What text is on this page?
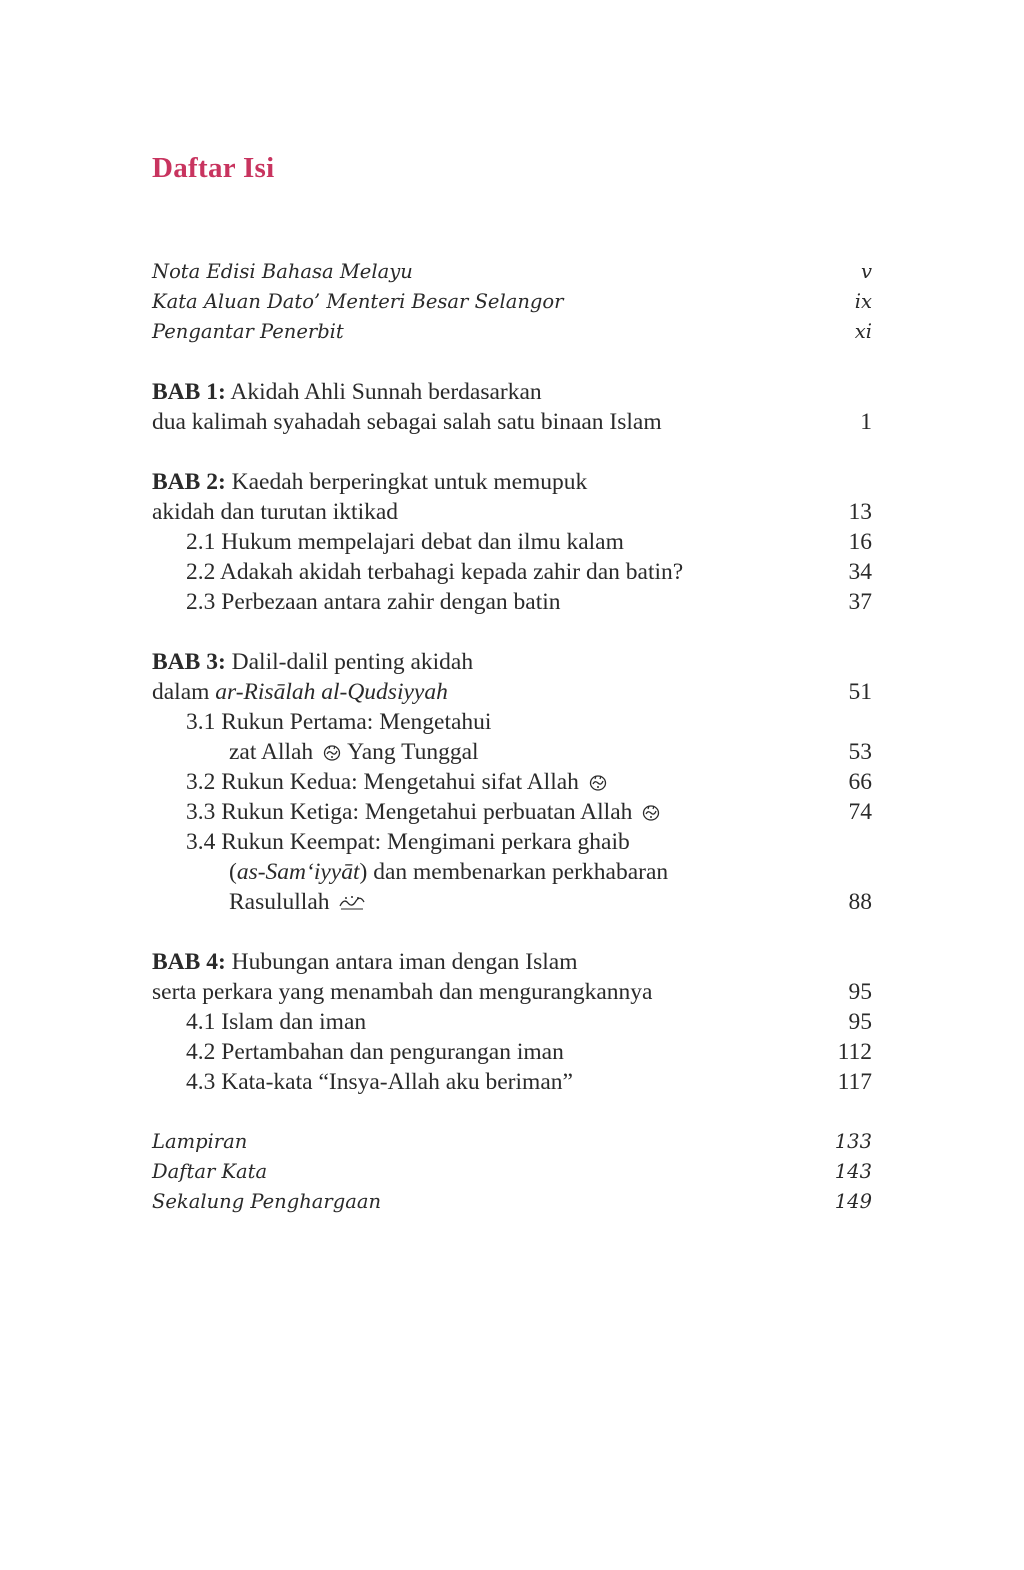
Daftar Isi
Nota Edisi Bahasa Melayu	v
Kata Aluan Dato’ Menteri Besar Selangor	ix
Pengantar Penerbit	xi
BAB 1: Akidah Ahli Sunnah berdasarkan
dua kalimah syahadah sebagai salah satu binaan Islam	1
BAB 2: Kaedah berperingkat untuk memupuk
akidah dan turutan iktikad	13
2.1 Hukum mempelajari debat dan ilmu kalam	16
2.2 Adakah akidah terbahagi kepada zahir dan batin?	34
2.3 Perbezaan antara zahir dengan batin	37
BAB 3: Dalil-dalil penting akidah
dalam ar-Risālah al-Qudsiyyah	51
3.1 Rukun Pertama: Mengetahui
zat Allah Yang Tunggal	53
3.2 Rukun Kedua: Mengetahui sifat Allah	66
3.3 Rukun Ketiga: Mengetahui perbuatan Allah	74
3.4 Rukun Keempat: Mengimani perkara ghaib
(as-Sam‘iyyāt) dan membenarkan perkhabaran
Rasulullah	88
BAB 4: Hubungan antara iman dengan Islam
serta perkara yang menambah dan mengurangkannya	95
4.1 Islam dan iman	95
4.2 Pertambahan dan pengurangan iman	112
4.3 Kata-kata “Insya-Allah aku beriman”	117
Lampiran	133
Daftar Kata	143
Sekalung Penghargaan	149
